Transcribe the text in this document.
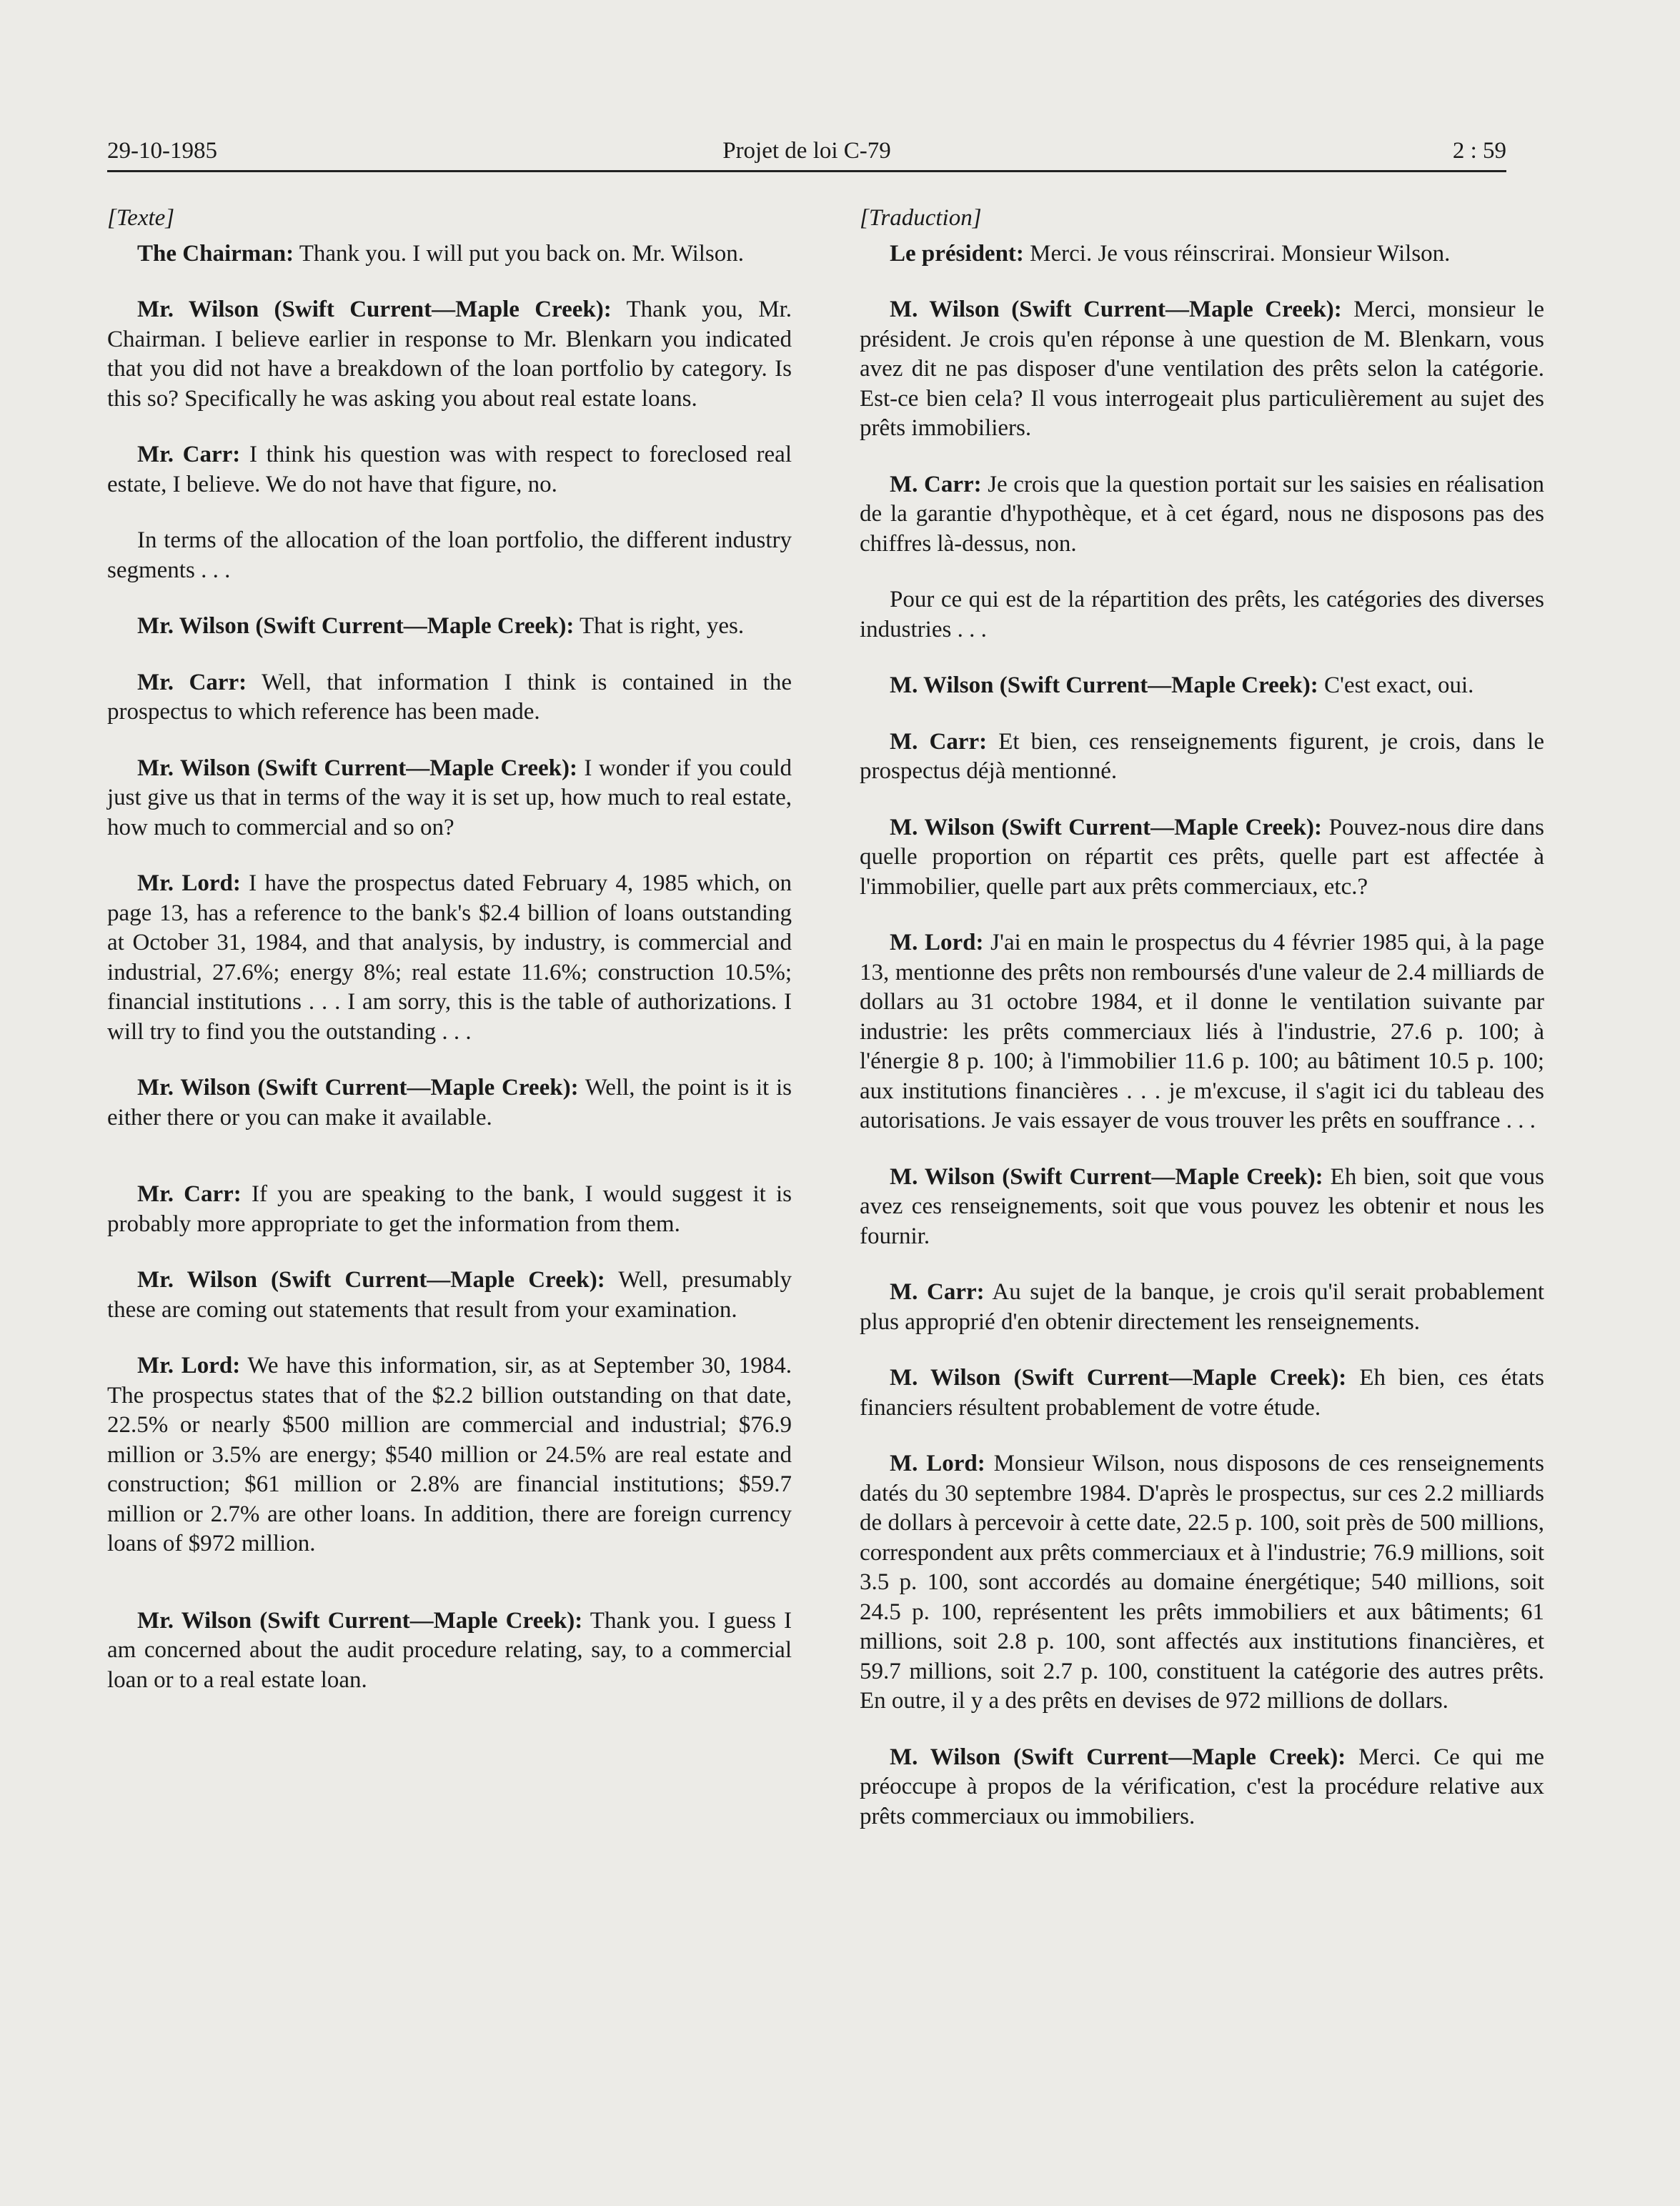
29-10-1985	Projet de loi C-79	2 : 59
[Texte]

The Chairman: Thank you. I will put you back on. Mr. Wilson.

Mr. Wilson (Swift Current—Maple Creek): Thank you, Mr. Chairman. I believe earlier in response to Mr. Blenkarn you indicated that you did not have a breakdown of the loan portfolio by category. Is this so? Specifically he was asking you about real estate loans.

Mr. Carr: I think his question was with respect to foreclosed real estate, I believe. We do not have that figure, no.

In terms of the allocation of the loan portfolio, the different industry segments . . .

Mr. Wilson (Swift Current—Maple Creek): That is right, yes.

Mr. Carr: Well, that information I think is contained in the prospectus to which reference has been made.

Mr. Wilson (Swift Current—Maple Creek): I wonder if you could just give us that in terms of the way it is set up, how much to real estate, how much to commercial and so on?

Mr. Lord: I have the prospectus dated February 4, 1985 which, on page 13, has a reference to the bank's $2.4 billion of loans outstanding at October 31, 1984, and that analysis, by industry, is commercial and industrial, 27.6%; energy 8%; real estate 11.6%; construction 10.5%; financial institutions . . . I am sorry, this is the table of authorizations. I will try to find you the outstanding . . .

Mr. Wilson (Swift Current—Maple Creek): Well, the point is it is either there or you can make it available.

Mr. Carr: If you are speaking to the bank, I would suggest it is probably more appropriate to get the information from them.

Mr. Wilson (Swift Current—Maple Creek): Well, presumably these are coming out statements that result from your examination.

Mr. Lord: We have this information, sir, as at September 30, 1984. The prospectus states that of the $2.2 billion outstanding on that date, 22.5% or nearly $500 million are commercial and industrial; $76.9 million or 3.5% are energy; $540 million or 24.5% are real estate and construction; $61 million or 2.8% are financial institutions; $59.7 million or 2.7% are other loans. In addition, there are foreign currency loans of $972 million.

Mr. Wilson (Swift Current—Maple Creek): Thank you. I guess I am concerned about the audit procedure relating, say, to a commercial loan or to a real estate loan.

[Traduction]

Le président: Merci. Je vous réinscrirai. Monsieur Wilson.

M. Wilson (Swift Current—Maple Creek): Merci, monsieur le président. Je crois qu'en réponse à une question de M. Blenkarn, vous avez dit ne pas disposer d'une ventilation des prêts selon la catégorie. Est-ce bien cela? Il vous interrogeait plus particulièrement au sujet des prêts immobiliers.

M. Carr: Je crois que la question portait sur les saisies en réalisation de la garantie d'hypothèque, et à cet égard, nous ne disposons pas des chiffres là-dessus, non.

Pour ce qui est de la répartition des prêts, les catégories des diverses industries . . .

M. Wilson (Swift Current—Maple Creek): C'est exact, oui.

M. Carr: Et bien, ces renseignements figurent, je crois, dans le prospectus déjà mentionné.

M. Wilson (Swift Current—Maple Creek): Pouvez-nous dire dans quelle proportion on répartit ces prêts, quelle part est affectée à l'immobilier, quelle part aux prêts commerciaux, etc.?

M. Lord: J'ai en main le prospectus du 4 février 1985 qui, à la page 13, mentionne des prêts non remboursés d'une valeur de 2.4 milliards de dollars au 31 octobre 1984, et il donne le ventilation suivante par industrie: les prêts commerciaux liés à l'industrie, 27.6 p. 100; à l'énergie 8 p. 100; à l'immobilier 11.6 p. 100; au bâtiment 10.5 p. 100; aux institutions financières . . . je m'excuse, il s'agit ici du tableau des autorisations. Je vais essayer de vous trouver les prêts en souffrance . . .

M. Wilson (Swift Current—Maple Creek): Eh bien, soit que vous avez ces renseignements, soit que vous pouvez les obtenir et nous les fournir.

M. Carr: Au sujet de la banque, je crois qu'il serait probablement plus approprié d'en obtenir directement les renseignements.

M. Wilson (Swift Current—Maple Creek): Eh bien, ces états financiers résultent probablement de votre étude.

M. Lord: Monsieur Wilson, nous disposons de ces renseignements datés du 30 septembre 1984. D'après le prospectus, sur ces 2.2 milliards de dollars à percevoir à cette date, 22.5 p. 100, soit près de 500 millions, correspondent aux prêts commerciaux et à l'industrie; 76.9 millions, soit 3.5 p. 100, sont accordés au domaine énergétique; 540 millions, soit 24.5 p. 100, représentent les prêts immobiliers et aux bâtiments; 61 millions, soit 2.8 p. 100, sont affectés aux institutions financières, et 59.7 millions, soit 2.7 p. 100, constituent la catégorie des autres prêts. En outre, il y a des prêts en devises de 972 millions de dollars.

M. Wilson (Swift Current—Maple Creek): Merci. Ce qui me préoccupe à propos de la vérification, c'est la procédure relative aux prêts commerciaux ou immobiliers.
